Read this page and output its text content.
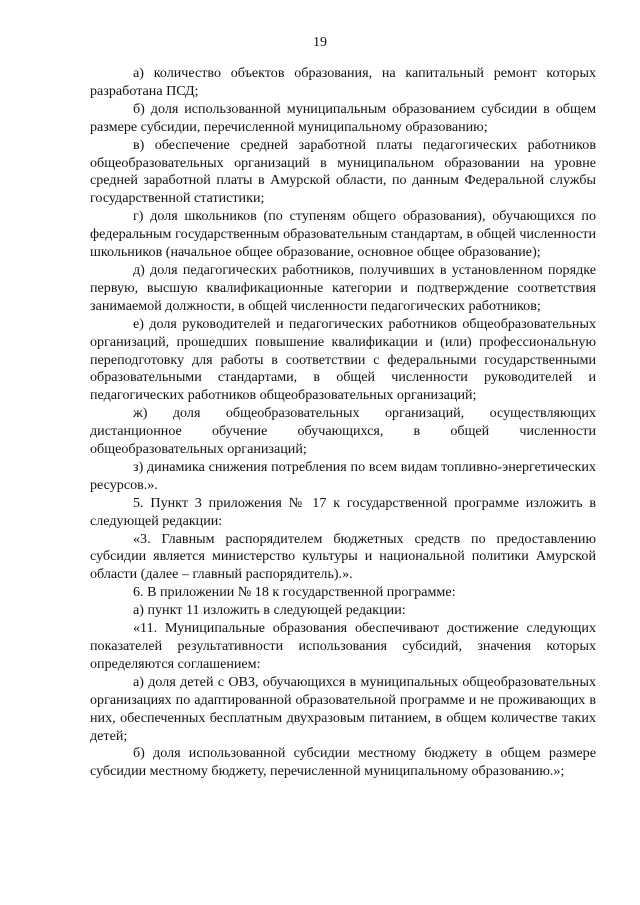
19

а) количество объектов образования, на капитальный ремонт которых разработана ПСД;

б) доля использованной муниципальным образованием субсидии в общем размере субсидии, перечисленной муниципальному образованию;

в) обеспечение средней заработной платы педагогических работников общеобразовательных организаций в муниципальном образовании на уровне средней заработной платы в Амурской области, по данным Федеральной службы государственной статистики;

г) доля школьников (по ступеням общего образования), обучающихся по федеральным государственным образовательным стандартам, в общей численности школьников (начальное общее образование, основное общее образование);

д) доля педагогических работников, получивших в установленном порядке первую, высшую квалификационные категории и подтверждение соответствия занимаемой должности, в общей численности педагогических работников;

е) доля руководителей и педагогических работников общеобразовательных организаций, прошедших повышение квалификации и (или) профессиональную переподготовку для работы в соответствии с федеральными государственными образовательными стандартами, в общей численности руководителей и педагогических работников общеобразовательных организаций;

ж) доля общеобразовательных организаций, осуществляющих дистанционное обучение обучающихся, в общей численности общеобразовательных организаций;

з) динамика снижения потребления по всем видам топливно-энергетических ресурсов.».

5. Пункт 3 приложения № 17 к государственной программе изложить в следующей редакции:

«3. Главным распорядителем бюджетных средств по предоставлению субсидии является министерство культуры и национальной политики Амурской области (далее – главный распорядитель).».

6. В приложении № 18 к государственной программе:

а) пункт 11 изложить в следующей редакции:

«11. Муниципальные образования обеспечивают достижение следующих показателей результативности использования субсидий, значения которых определяются соглашением:

а) доля детей с ОВЗ, обучающихся в муниципальных общеобразовательных организациях по адаптированной образовательной программе и не проживающих в них, обеспеченных бесплатным двухразовым питанием, в общем количестве таких детей;

б) доля использованной субсидии местному бюджету в общем размере субсидии местному бюджету, перечисленной муниципальному образованию.»;
